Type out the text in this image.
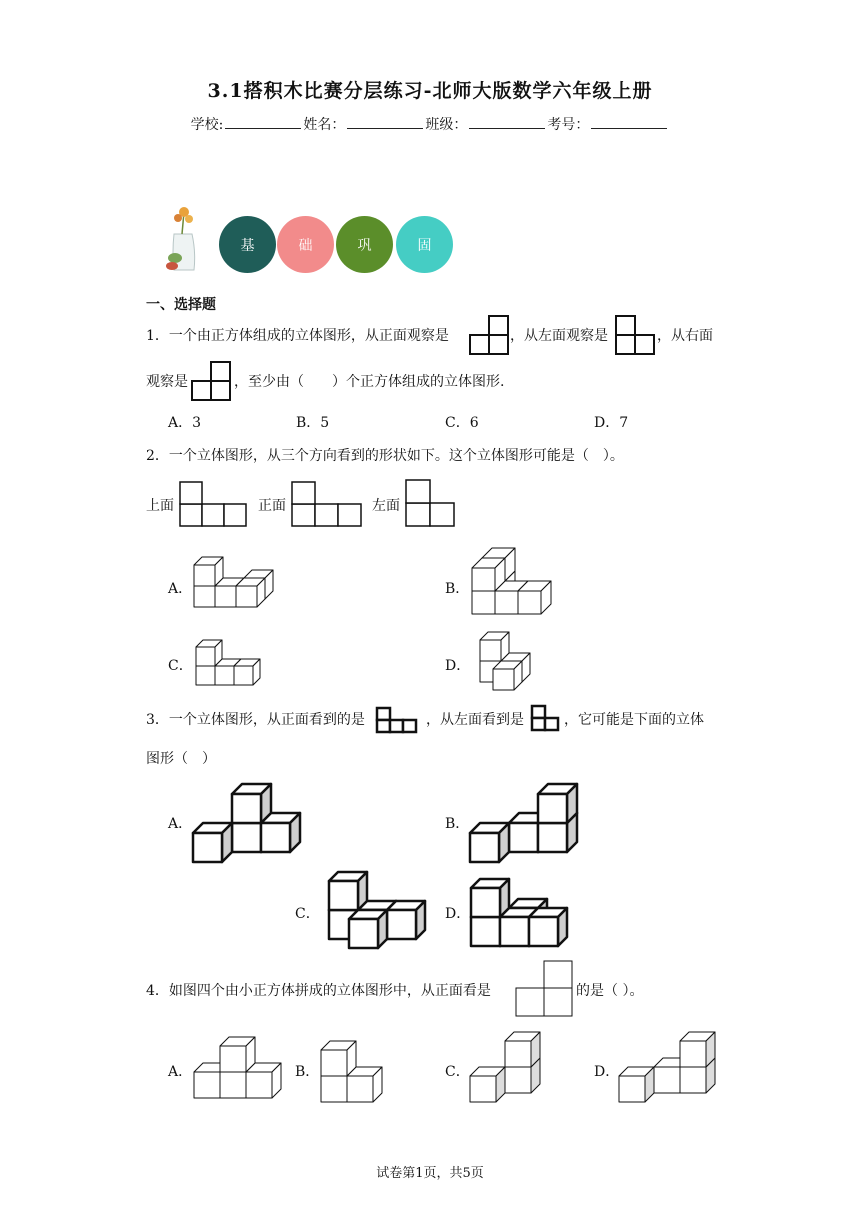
3.1搭积木比赛分层练习-北师大版数学六年级上册
学校:	姓名：	班级：	考号：
基	础	巩	固
一、选择题
1．一个由正方体组成的立体图形，从正面观察是	，从左面观察是	，从右面
观察是	，至少由（　　）个正方体组成的立体图形.
A．3	B．5	C．6	D．7
2．一个立体图形，从三个方向看到的形状如下。这个立体图形可能是（　）。
上面	正面	左面
A．	B．
C．	D．
3．一个立体图形，从正面看到的是	，从左面看到是	，它可能是下面的立体
图形（　）
A．	B．
C．	D．
4．如图四个由小正方体拼成的立体图形中，从正面看是	的是（ ）。
A．	B．	C．	D．
试卷第1页，共5页
